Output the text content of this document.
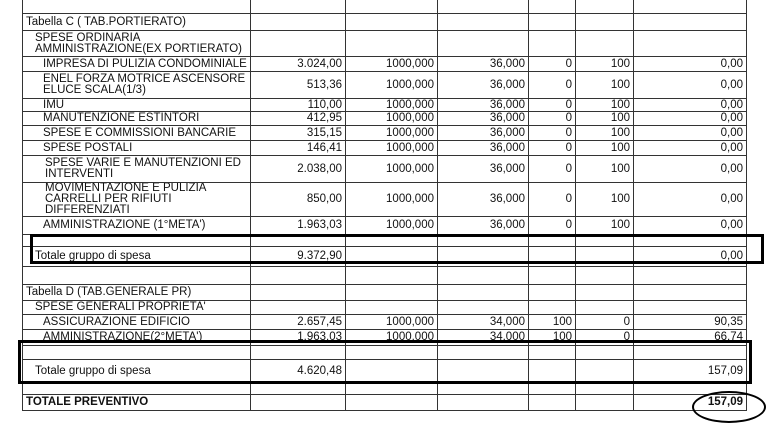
Tabella C ( TAB.PORTIERATO)						
SPESE ORDINARIA AMMINISTRAZIONE(EX PORTIERATO)						
IMPRESA DI PULIZIA CONDOMINIALE	3.024,00	1000,000	36,000	0	100	0,00
ENEL FORZA MOTRICE ASCENSORE ELUCE SCALA(1/3)	513,36	1000,000	36,000	0	100	0,00
IMU	110,00	1000,000	36,000	0	100	0,00
MANUTENZIONE ESTINTORI	412,95	1000,000	36,000	0	100	0,00
SPESE E COMMISSIONI BANCARIE	315,15	1000,000	36,000	0	100	0,00
SPESE POSTALI	146,41	1000,000	36,000	0	100	0,00
SPESE VARIE E MANUTENZIONI ED INTERVENTI	2.038,00	1000,000	36,000	0	100	0,00
MOVIMENTAZIONE E PULIZIA CARRELLI PER RIFIUTI DIFFERENZIATI	850,00	1000,000	36,000	0	100	0,00
AMMINISTRAZIONE (1°META')	1.963,03	1000,000	36,000	0	100	0,00

Totale gruppo di spesa	9.372,90					0,00

Tabella D (TAB.GENERALE PR)						
SPESE GENERALI PROPRIETA'						
ASSICURAZIONE EDIFICIO	2.657,45	1000,000	34,000	100	0	90,35
AMMINISTRAZIONE(2°META')	1.963,03	1000,000	34,000	100	0	66,74

Totale gruppo di spesa	4.620,48					157,09

TOTALE PREVENTIVO						157,09
